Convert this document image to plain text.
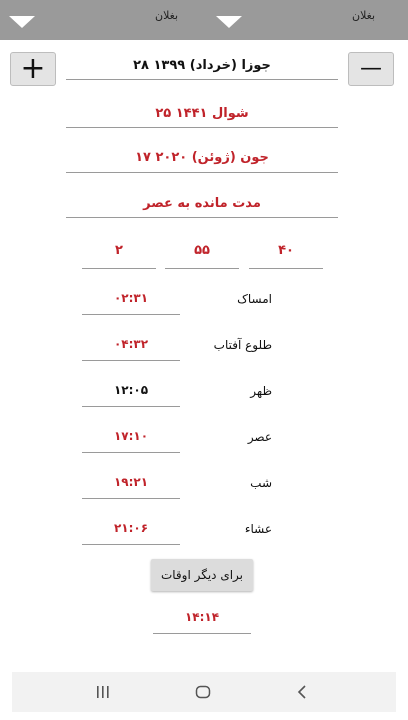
بغلان	بغلان
+	—
۲۸ جوزا (خرداد) ۱۳۹۹
۲۵ شوال ۱۴۴۱
۱۷ جون (ژوئن) ۲۰۲۰
مدت مانده به عصر
۲	۵۵	۴۰
۰۲:۳۱	امساک
۰۴:۳۲	طلوع آفتاب
۱۲:۰۵	ظهر
۱۷:۱۰	عصر
۱۹:۲۱	شب
۲۱:۰۶	عشاء
برای دیگر اوقات
۱۴:۱۴
